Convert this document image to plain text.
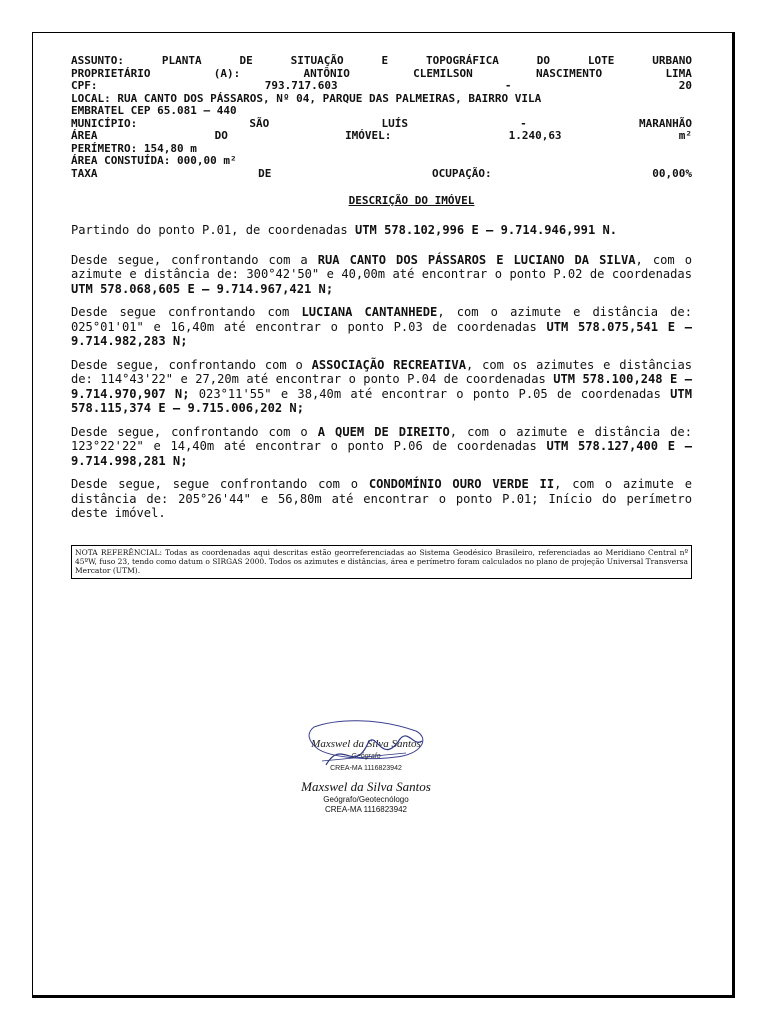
ASSUNTO:	PLANTA	DE	SITUAÇÃO	E	TOPOGRÁFICA	DO	LOTE	URBANO
PROPRIETÁRIO	(A):	ANTÔNIO	CLEMILSON	NASCIMENTO	LIMA
CPF:	793.717.603	-	20
LOCAL: RUA CANTO DOS PÁSSAROS, Nº 04, PARQUE DAS PALMEIRAS, BAIRRO VILA
EMBRATEL CEP 65.081 – 440
MUNICÍPIO:	SÃO	LUÍS	-	MARANHÃO
ÁREA	DO	IMÓVEL:	1.240,63	m²
PERÍMETRO: 154,80 m
ÁREA CONSTUÍDA: 000,00 m²
TAXA	DE	OCUPAÇÃO:	00,00%
DESCRIÇÃO DO IMÓVEL

Partindo do ponto P.01, de coordenadas UTM 578.102,996 E – 9.714.946,991 N.

Desde segue, confrontando com a RUA CANTO DOS PÁSSAROS E LUCIANO DA SILVA, com o azimute e distância de: 300°42'50" e 40,00m até encontrar o ponto P.02 de coordenadas UTM 578.068,605 E – 9.714.967,421 N;

Desde segue confrontando com LUCIANA CANTANHEDE, com o azimute e distância de: 025°01'01" e 16,40m até encontrar o ponto P.03 de coordenadas UTM 578.075,541 E – 9.714.982,283 N;

Desde segue, confrontando com o ASSOCIAÇÃO RECREATIVA, com os azimutes e distâncias de: 114°43'22" e 27,20m até encontrar o ponto P.04 de coordenadas UTM 578.100,248 E – 9.714.970,907 N; 023°11'55" e 38,40m até encontrar o ponto P.05 de coordenadas UTM 578.115,374 E – 9.715.006,202 N;

Desde segue, confrontando com o A QUEM DE DIREITO, com o azimute e distância de: 123°22'22" e 14,40m até encontrar o ponto P.06 de coordenadas UTM 578.127,400 E – 9.714.998,281 N;

Desde segue, segue confrontando com o CONDOMÍNIO OURO VERDE II, com o azimute e distância de: 205°26'44" e 56,80m até encontrar o ponto P.01; Início do perímetro deste imóvel.

NOTA REFERÊNCIAL: Todas as coordenadas aqui descritas estão georreferenciadas ao Sistema Geodésico Brasileiro, referenciadas ao Meridiano Central nº 45ºW, fuso 23, tendo como datum o SIRGAS 2000. Todos os azimutes e distâncias, área e perímetro foram calculados no plano de projeção Universal Transversa Mercator (UTM).
Maxswel da Silva Santos
Geógrafo
CREA-MA 1116823942
Maxswel da Silva Santos
Geógrafo/Geotecnólogo
CREA-MA 1116823942
